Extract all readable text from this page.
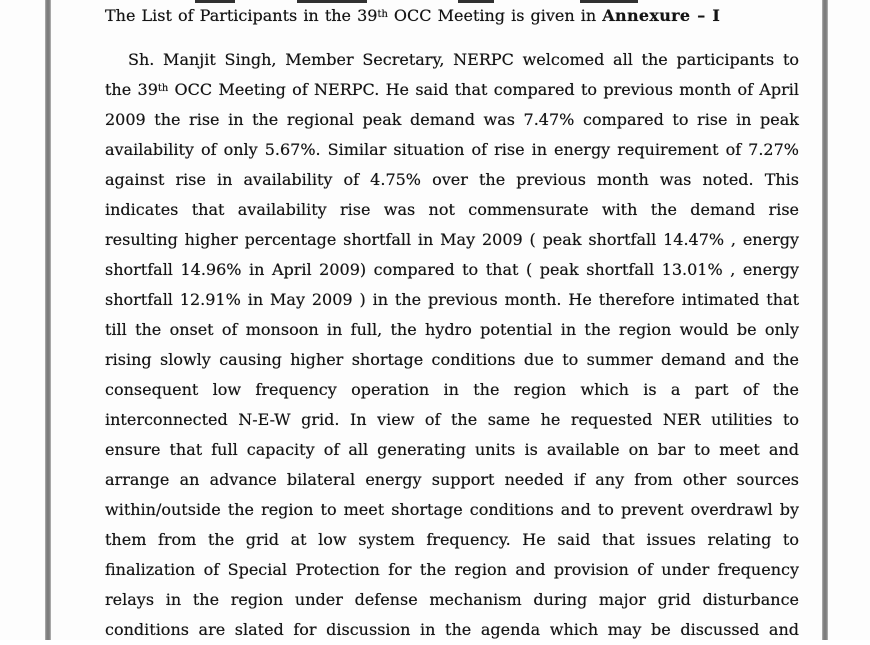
The List of Participants in the 39th OCC Meeting is given in Annexure – I
Sh. Manjit Singh, Member Secretary, NERPC welcomed all the participants to
the 39th OCC Meeting of NERPC. He said that compared to previous month of April
2009 the rise in the regional peak demand was 7.47% compared to rise in peak
availability of only 5.67%. Similar situation of rise in energy requirement of 7.27%
against rise in availability of 4.75% over the previous month was noted. This
indicates that availability rise was not commensurate with the demand rise
resulting higher percentage shortfall in May 2009 ( peak shortfall 14.47% , energy
shortfall 14.96% in April 2009) compared to that ( peak shortfall 13.01% , energy
shortfall 12.91% in May 2009 ) in the previous month. He therefore intimated that
till the onset of monsoon in full, the hydro potential in the region would be only
rising slowly causing higher shortage conditions due to summer demand and the
consequent low frequency operation in the region which is a part of the
interconnected N-E-W grid. In view of the same he requested NER utilities to
ensure that full capacity of all generating units is available on bar to meet and
arrange an advance bilateral energy support needed if any from other sources
within/outside the region to meet shortage conditions and to prevent overdrawl by
them from the grid at low system frequency. He said that issues relating to
finalization of Special Protection for the region and provision of under frequency
relays in the region under defense mechanism during major grid disturbance
conditions are slated for discussion in the agenda which may be discussed and
